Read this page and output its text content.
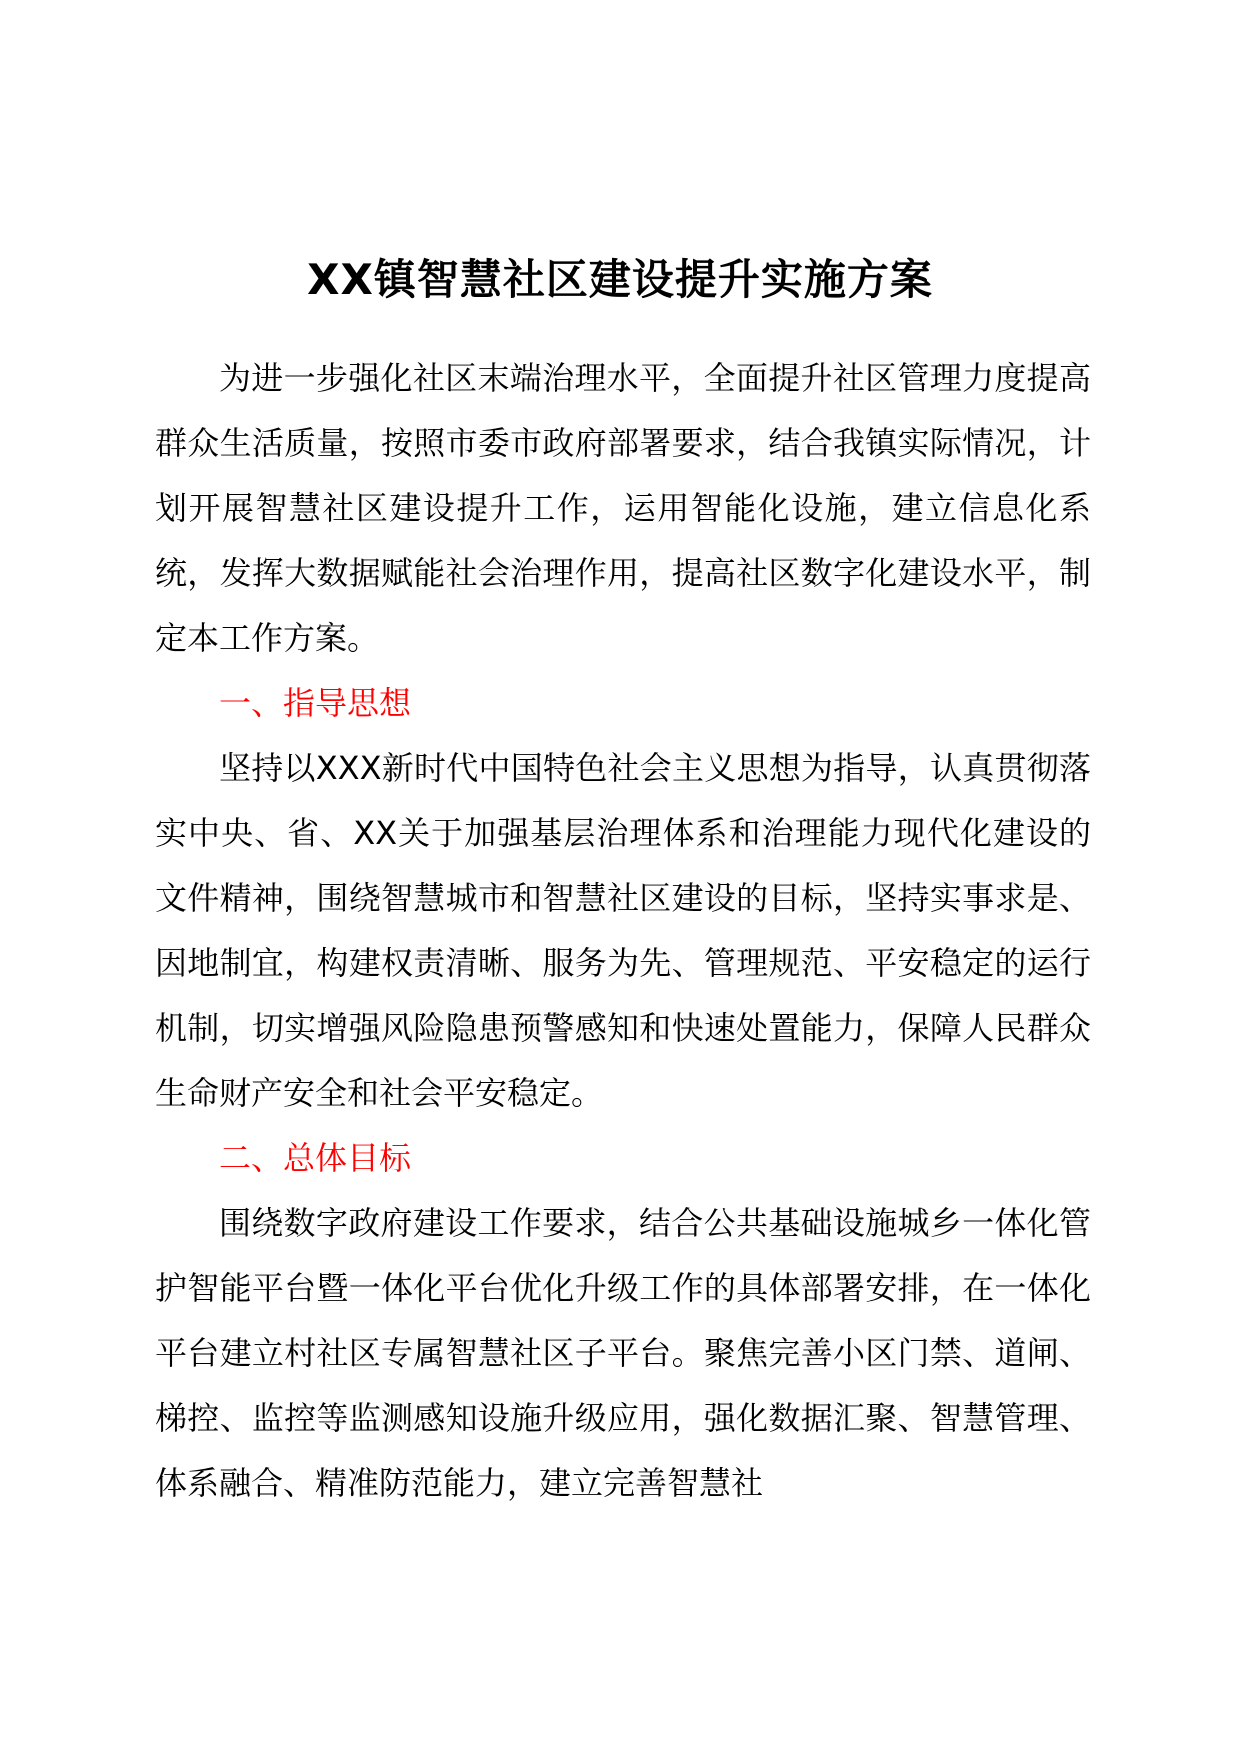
XX镇智慧社区建设提升实施方案

为进一步强化社区末端治理水平，全面提升社区管理力度提高群众生活质量，按照市委市政府部署要求，结合我镇实际情况，计划开展智慧社区建设提升工作，运用智能化设施，建立信息化系统，发挥大数据赋能社会治理作用，提高社区数字化建设水平，制定本工作方案。

一、指导思想

坚持以XXX新时代中国特色社会主义思想为指导，认真贯彻落实中央、省、XX关于加强基层治理体系和治理能力现代化建设的文件精神，围绕智慧城市和智慧社区建设的目标，坚持实事求是、因地制宜，构建权责清晰、服务为先、管理规范、平安稳定的运行机制，切实增强风险隐患预警感知和快速处置能力，保障人民群众生命财产安全和社会平安稳定。

二、总体目标

围绕数字政府建设工作要求，结合公共基础设施城乡一体化管护智能平台暨一体化平台优化升级工作的具体部署安排，在一体化平台建立村社区专属智慧社区子平台。聚焦完善小区门禁、道闸、梯控、监控等监测感知设施升级应用，强化数据汇聚、智慧管理、体系融合、精准防范能力，建立完善智慧社
